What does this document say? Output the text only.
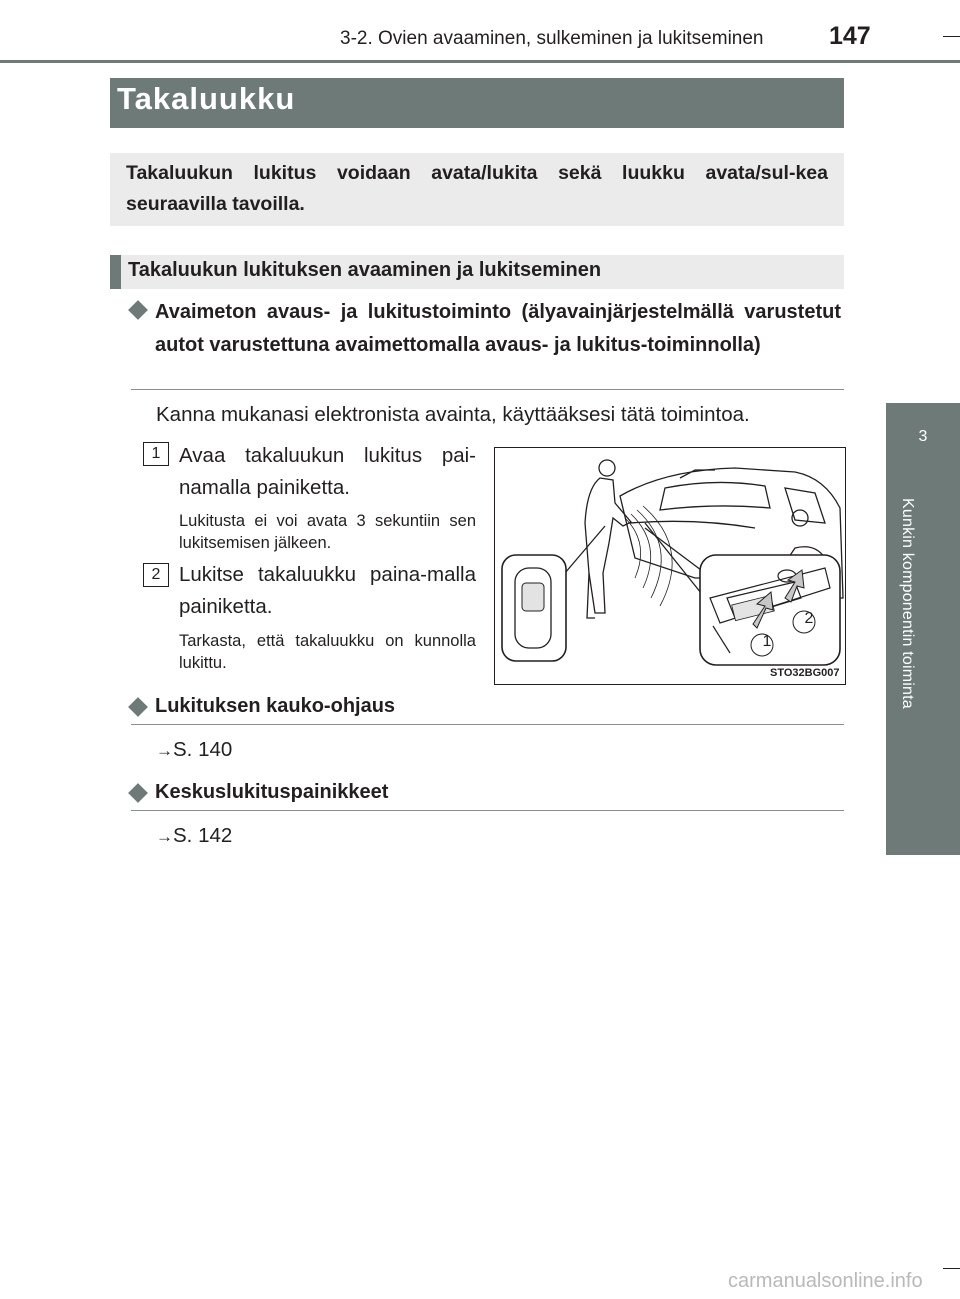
3-2. Ovien avaaminen, sulkeminen ja lukitseminen	147
3
Kunkin komponentin toiminta
Takaluukku
Takaluukun lukitus voidaan avata/lukita sekä luukku avata/sul-kea seuraavilla tavoilla.
Takaluukun lukituksen avaaminen ja lukitseminen
Avaimeton avaus- ja lukitustoiminto (älyavainjärjestelmällä varustetut autot varustettuna avaimettomalla avaus- ja lukitus-toiminnolla)
Kanna mukanasi elektronista avainta, käyttääksesi tätä toimintoa.
1 Avaa takaluukun lukitus pai-namalla painiketta.
Lukitusta ei voi avata 3 sekuntiin sen lukitsemisen jälkeen.
2 Lukitse takaluukku paina-malla painiketta.
Tarkasta, että takaluukku on kunnolla lukittu.
1
2
STO32BG007
Lukituksen kauko-ohjaus
→S. 140
Keskuslukituspainikkeet
→S. 142
carmanualsonline.info
